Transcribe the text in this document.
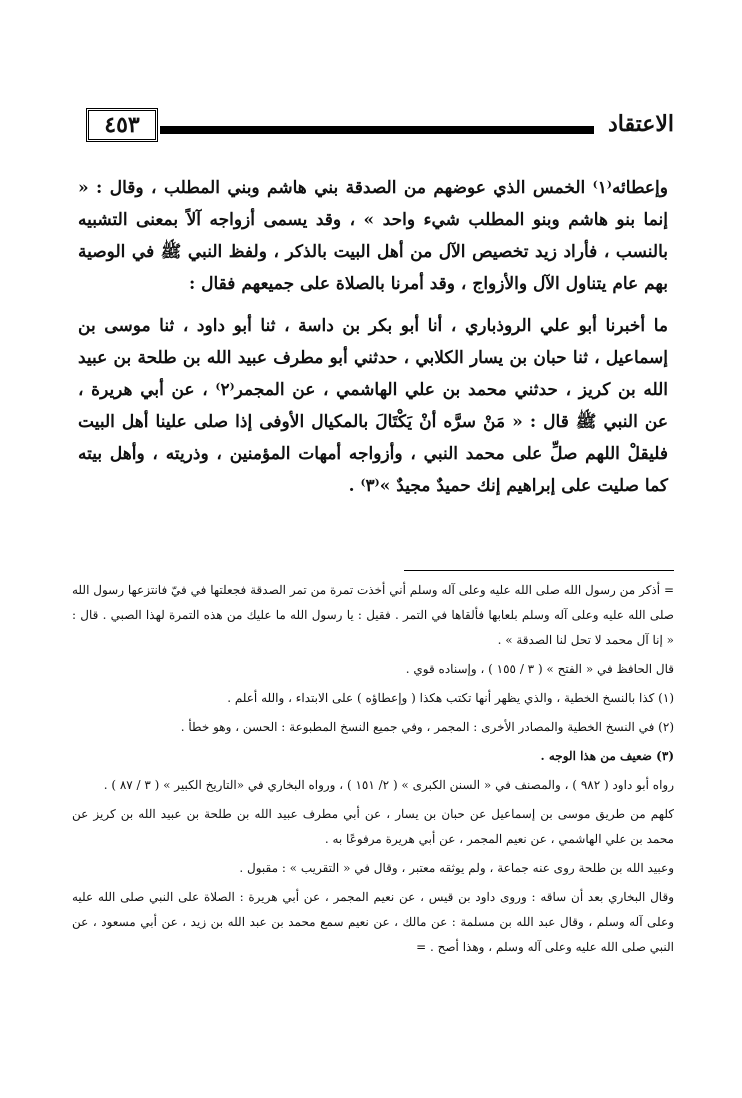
الاعتقاد
٤٥٣

وإعطائه⁽١⁾ الخمس الذي عوضهم من الصدقة بني هاشم وبني المطلب ، وقال : « إنما بنو هاشم وبنو المطلب شيء واحد » ، وقد يسمى أزواجه آلاً بمعنى التشبيه بالنسب ، فأراد زيد تخصيص الآل من أهل البيت بالذكر ، ولفظ النبي ﷺ في الوصية بهم عام يتناول الآل والأزواج ، وقد أمرنا بالصلاة على جميعهم فقال :

ما أخبرنا أبو علي الروذباري ، أنا أبو بكر بن داسة ، ثنا أبو داود ، ثنا موسى بن إسماعيل ، ثنا حبان بن يسار الكلابي ، حدثني أبو مطرف عبيد الله بن طلحة بن عبيد الله بن كريز ، حدثني محمد بن علي الهاشمي ، عن المجمر⁽٢⁾ ، عن أبي هريرة ، عن النبي ﷺ قال : « مَنْ سرَّه أنْ يَكْتَالَ بالمكيال الأوفى إذا صلى علينا أهل البيت فليقلْ اللهم صلِّ على محمد النبي ، وأزواجه أمهات المؤمنين ، وذريته ، وأهل بيته كما صليت على إبراهيم إنك حميدٌ مجيدٌ »⁽٣⁾ .

= أذكر من رسول الله صلى الله عليه وعلى آله وسلم أني أخذت تمرة من تمر الصدقة فجعلتها في فيّ فانتزعها رسول الله صلى الله عليه وعلى آله وسلم بلعابها فألقاها في التمر . فقيل : يا رسول الله ما عليك من هذه التمرة لهذا الصبي . قال : « إنا آل محمد لا تحل لنا الصدقة » .

قال الحافظ في « الفتح » ( ٣ / ١٥٥ ) ، وإسناده قوي .

(١) كذا بالنسخ الخطية ، والذي يظهر أنها تكتب هكذا ( وإعطاؤه ) على الابتداء ، والله أعلم .

(٢) في النسخ الخطية والمصادر الأخرى : المجمر ، وفي جميع النسخ المطبوعة : الحسن ، وهو خطأ .

(٣) ضعيف من هذا الوجه .

رواه أبو داود ( ٩٨٢ ) ، والمصنف في « السنن الكبرى » ( ٢/ ١٥١ ) ، ورواه البخاري في «التاريخ الكبير » ( ٣ / ٨٧ ) .

كلهم من طريق موسى بن إسماعيل عن حبان بن يسار ، عن أبي مطرف عبيد الله بن طلحة بن عبيد الله بن كريز عن محمد بن علي الهاشمي ، عن نعيم المجمر ، عن أبي هريرة مرفوعًا به .

وعبيد الله بن طلحة روى عنه جماعة ، ولم يوثقه معتبر ، وقال في « التقريب » : مقبول .

وقال البخاري بعد أن ساقه : وروى داود بن قيس ، عن نعيم المجمر ، عن أبي هريرة : الصلاة على النبي صلى الله عليه وعلى آله وسلم ، وقال عبد الله بن مسلمة : عن مالك ، عن نعيم سمع محمد بن عبد الله بن زيد ، عن أبي مسعود ، عن النبي صلى الله عليه وعلى آله وسلم ، وهذا أصح . =
